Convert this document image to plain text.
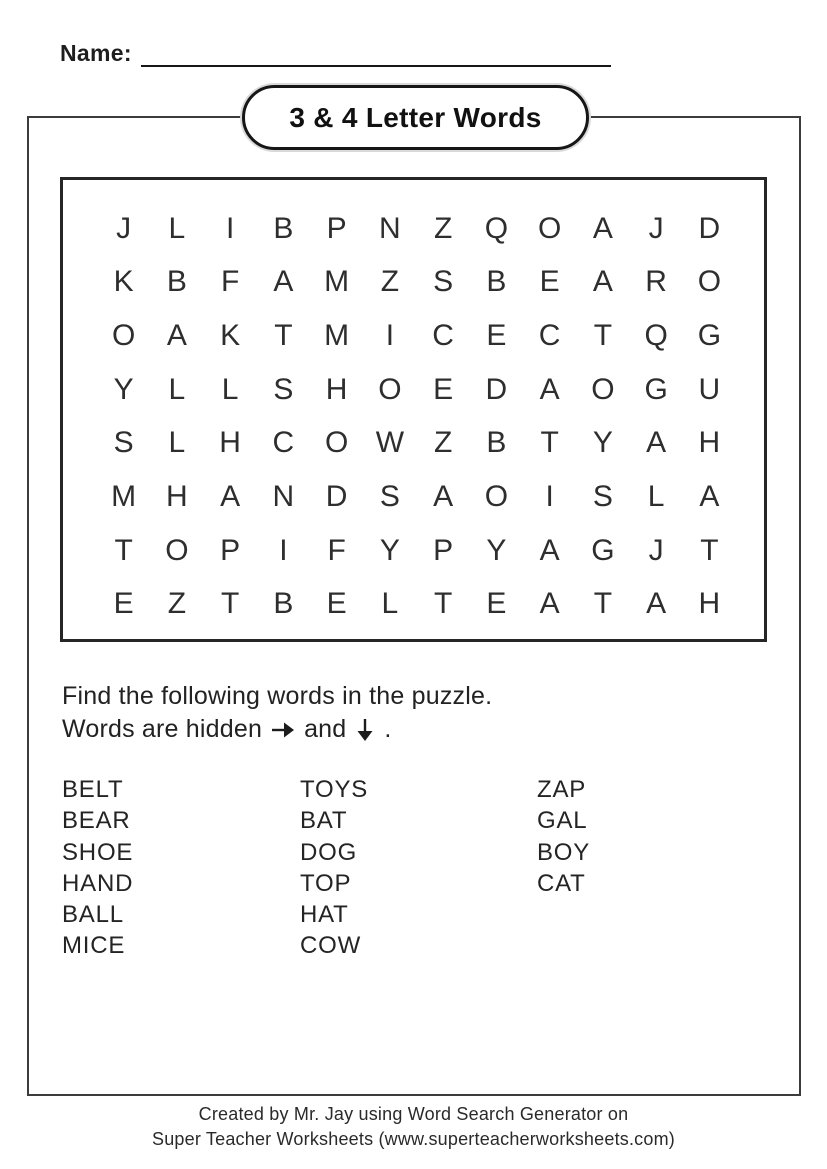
Name:
3 & 4 Letter Words
J	L	I	B	P	N	Z	Q O	A	J	D
K	B	F	A	M	Z	S	B	E	A	R	O
O	A	K	T	M	I	C	E	C	T	Q G
Y	L	L	S	H	O	E	D	A	O G	U
S	L	H	C	O W Z	B	T	Y	A	H
M H	A	N	D	S	A	O	I	S	L	A
T	O	P	I	F	Y	P	Y	A	G	J	T
E	Z	T	B	E	L	T	E	A	T	A	H
Find the following words in the puzzle.
Words are hidden and .
BELT
BEAR
SHOE
HAND
BALL
MICE
TOYS
BAT
DOG
TOP
HAT
COW
ZAP
GAL
BOY
CAT
Created by Mr. Jay using Word Search Generator on
Super Teacher Worksheets (www.superteacherworksheets.com)
